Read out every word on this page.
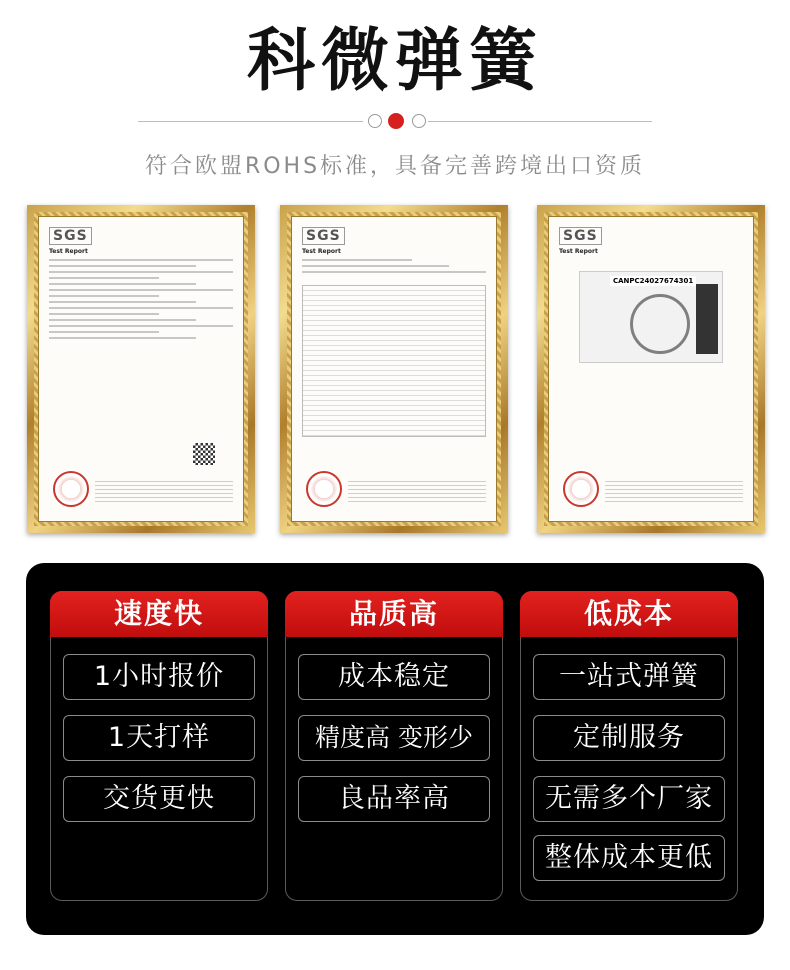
科微弹簧
符合欧盟ROHS标准，具备完善跨境出口资质
SGS
Test Report
SGS
Test Report
SGS
Test Report
CANPC24027674301
速度快	品质高	低成本
1小时报价
1天打样
交货更快
成本稳定
精度高 变形少
良品率高
一站式弹簧
定制服务
无需多个厂家
整体成本更低
